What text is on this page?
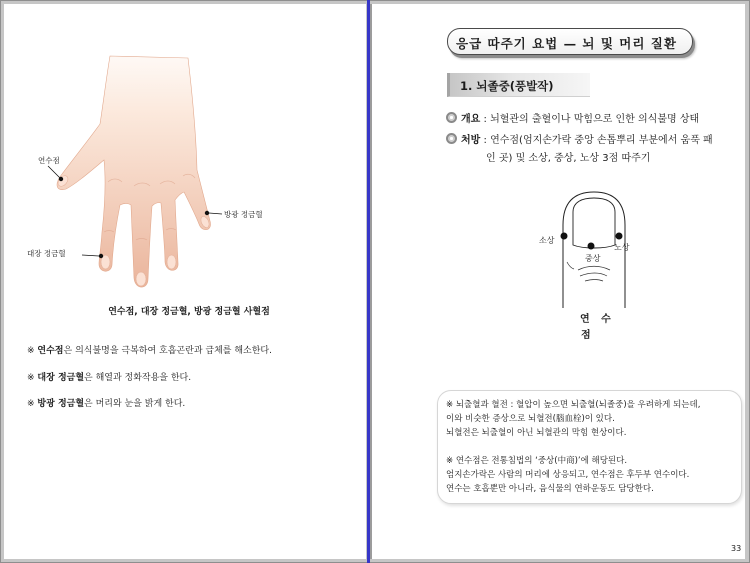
연수점
방광 정금혈
대장 정금혈
연수점, 대장 정금혈, 방광 정금혈 사혈점
※ 연수점은 의식불명을 극복하여 호흡곤란과 급체를 해소한다.
※ 대장 정금혈은 해열과 정화작용을 한다.
※ 방광 정금혈은 머리와 눈을 밝게 한다.
응급 따주기 요법 — 뇌 및 머리 질환
1. 뇌졸중(풍발작)
개요 : 뇌혈관의 출혈이나 막힘으로 인한 의식불명 상태
처방 : 연수점(엄지손가락 중앙 손톱뿌리 부분에서 움푹 패
인 곳) 및 소상, 중상, 노상 3점 따주기
소상
중상
노상
연 수
점

※ 뇌출혈과 혈전 : 혈압이 높으면 뇌출혈(뇌졸중)을 우려하게 되는데,
이와 비슷한 증상으로 뇌혈전(腦血栓)이 있다.
뇌혈전은 뇌출혈이 아닌 뇌혈관의 막힘 현상이다.

※ 연수점은 전통침법의 ‘중상(中商)’에 해당된다.
엄지손가락은 사람의 머리에 상응되고, 연수점은 후두부 연수이다.
연수는 호흡뿐만 아니라, 음식물의 연하운동도 담당한다.

33
